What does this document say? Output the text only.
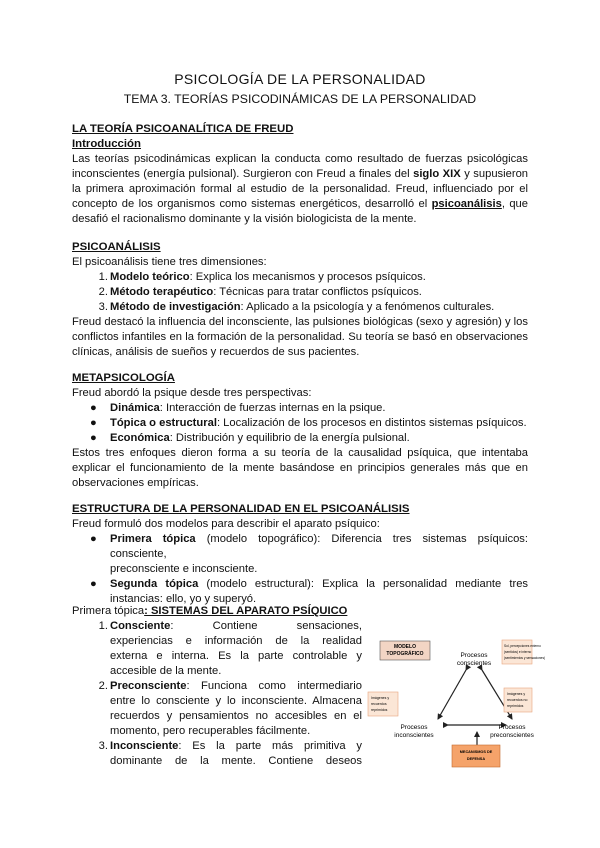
PSICOLOGÍA DE LA PERSONALIDAD
TEMA 3. TEORÍAS PSICODINÁMICAS DE LA PERSONALIDAD
LA TEORÍA PSICOANALÍTICA DE FREUD
Introducción
Las teorías psicodinámicas explican la conducta como resultado de fuerzas psicológicas
inconscientes (energía pulsional). Surgieron con Freud a finales del siglo XIX y supusieron
la primera aproximación formal al estudio de la personalidad. Freud, influenciado por el
concepto de los organismos como sistemas energéticos, desarrolló el psicoanálisis, que
desafió el racionalismo dominante y la visión biologicista de la mente.
PSICOANÁLISIS
El psicoanálisis tiene tres dimensiones:
1. Modelo teórico: Explica los mecanismos y procesos psíquicos.
2. Método terapéutico: Técnicas para tratar conflictos psíquicos.
3. Método de investigación: Aplicado a la psicología y a fenómenos culturales.
Freud destacó la influencia del inconsciente, las pulsiones biológicas (sexo y agresión) y los
conflictos infantiles en la formación de la personalidad. Su teoría se basó en observaciones
clínicas, análisis de sueños y recuerdos de sus pacientes.
METAPSICOLOGÍA
Freud abordó la psique desde tres perspectivas:
● Dinámica: Interacción de fuerzas internas en la psique.
● Tópica o estructural: Localización de los procesos en distintos sistemas psíquicos.
● Económica: Distribución y equilibrio de la energía pulsional.
Estos tres enfoques dieron forma a su teoría de la causalidad psíquica, que intentaba
explicar el funcionamiento de la mente basándose en principios generales más que en
observaciones empíricas.
ESTRUCTURA DE LA PERSONALIDAD EN EL PSICOANÁLISIS
Freud formuló dos modelos para describir el aparato psíquico:
● Primera tópica (modelo topográfico): Diferencia tres sistemas psíquicos: consciente,
preconsciente e inconsciente.
● Segunda tópica (modelo estructural): Explica la personalidad mediante tres
instancias: ello, yo y superyó.
Primera tópica: SISTEMAS DEL APARATO PSÍQUICO
1. Consciente: Contiene sensaciones,
experiencias e información de la realidad
externa e interna. Es la parte controlable y
accesible de la mente.
2. Preconsciente: Funciona como intermediario
entre lo consciente y lo inconsciente. Almacena
recuerdos y pensamientos no accesibles en el
momento, pero recuperables fácilmente.
3. Inconsciente: Es la parte más primitiva y
dominante de la mente. Contiene deseos
MODELO
TOPOGRÁFICO	Procesos
conscientes
Sol, percepciones externo
(sentidos) e interno
(sentimientos y sensaciones)
Imágenes y
recuerdos
reprimidos
Imágenes y
recuerdos no
reprimidos
Procesos
inconscientes
Procesos
preconscientes
MECANISMOS DE
DEFENSA
